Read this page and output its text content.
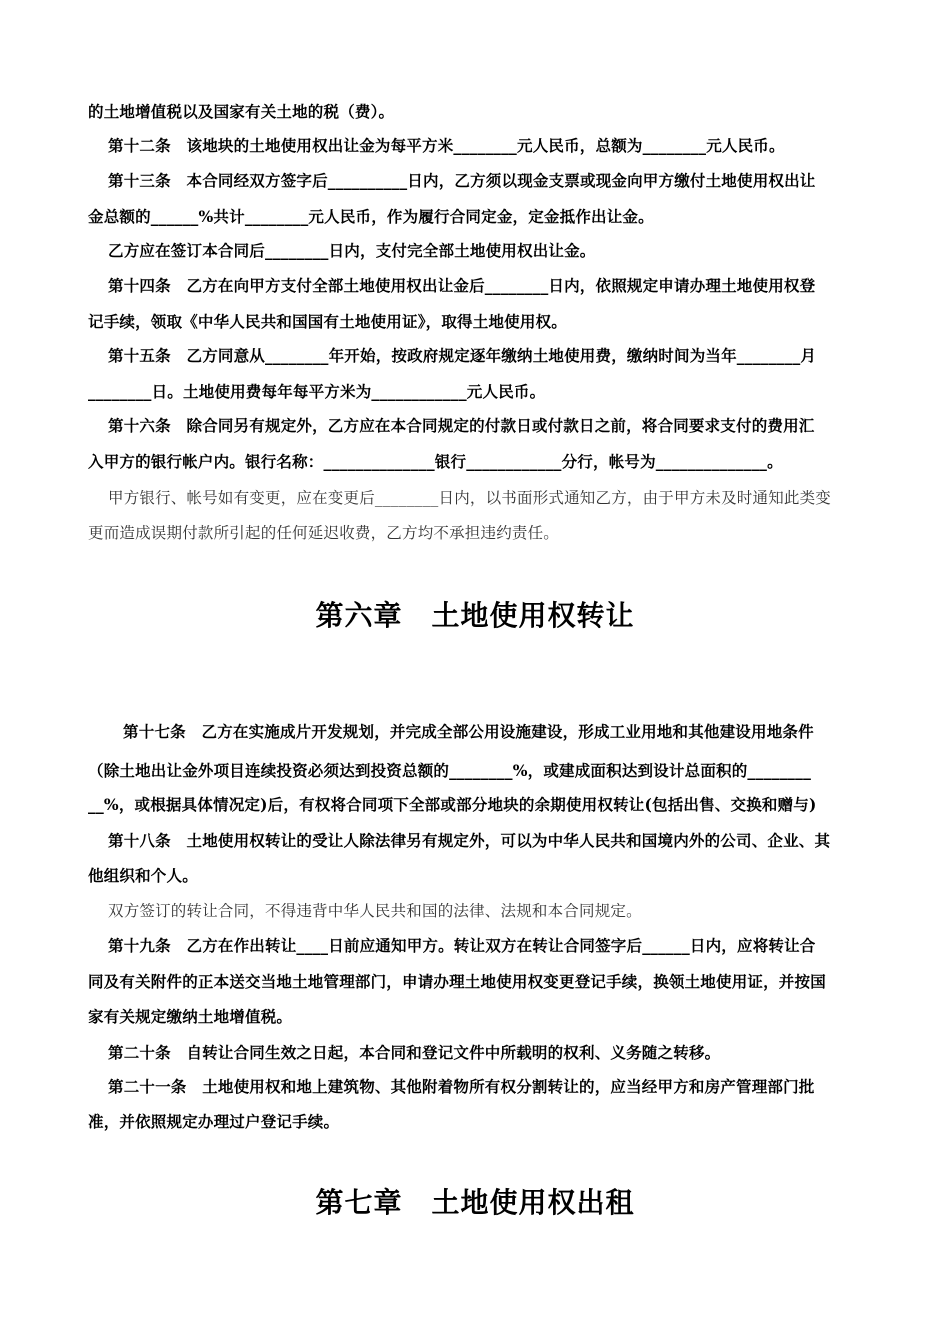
的土地增值税以及国家有关土地的税（费）。
第十二条　该地块的土地使用权出让金为每平方米________元人民币，总额为________元人民币。
第十三条　本合同经双方签字后__________日内，乙方须以现金支票或现金向甲方缴付土地使用权出让
金总额的______%共计________元人民币，作为履行合同定金，定金抵作出让金。
乙方应在签订本合同后________日内，支付完全部土地使用权出让金。
第十四条　乙方在向甲方支付全部土地使用权出让金后________日内，依照规定申请办理土地使用权登
记手续，领取《中华人民共和国国有土地使用证》，取得土地使用权。
第十五条　乙方同意从________年开始，按政府规定逐年缴纳土地使用费，缴纳时间为当年________月
________日。土地使用费每年每平方米为____________元人民币。
第十六条　除合同另有规定外，乙方应在本合同规定的付款日或付款日之前，将合同要求支付的费用汇
入甲方的银行帐户内。银行名称：______________银行____________分行，帐号为______________。
甲方银行、帐号如有变更，应在变更后________日内，以书面形式通知乙方，由于甲方未及时通知此类变
更而造成误期付款所引起的任何延迟收费，乙方均不承担违约责任。
第六章　土地使用权转让
第十七条　乙方在实施成片开发规划，并完成全部公用设施建设，形成工业用地和其他建设用地条件
（除土地出让金外项目连续投资必须达到投资总额的________%，或建成面积达到设计总面积的________
__%，或根据具体情况定)后，有权将合同项下全部或部分地块的余期使用权转让(包括出售、交换和赠与)
第十八条　土地使用权转让的受让人除法律另有规定外，可以为中华人民共和国境内外的公司、企业、其
他组织和个人。
双方签订的转让合同，不得违背中华人民共和国的法律、法规和本合同规定。
第十九条　乙方在作出转让____日前应通知甲方。转让双方在转让合同签字后______日内，应将转让合
同及有关附件的正本送交当地土地管理部门，申请办理土地使用权变更登记手续，换领土地使用证，并按国
家有关规定缴纳土地增值税。
第二十条　自转让合同生效之日起，本合同和登记文件中所载明的权利、义务随之转移。
第二十一条　土地使用权和地上建筑物、其他附着物所有权分割转让的，应当经甲方和房产管理部门批
准，并依照规定办理过户登记手续。
第七章　土地使用权出租
